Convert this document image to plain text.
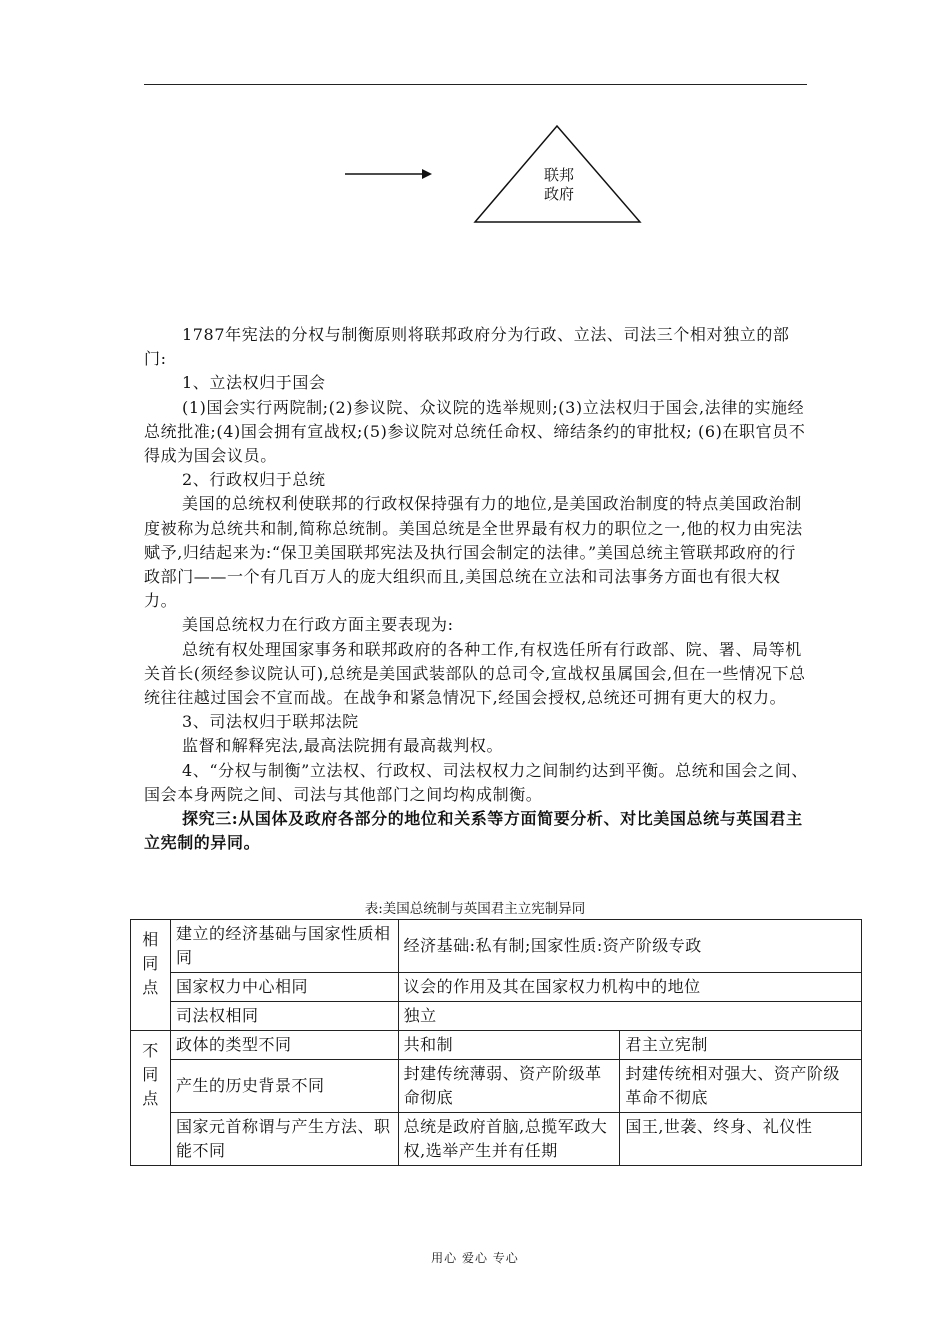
联邦
政府

1787年宪法的分权与制衡原则将联邦政府分为行政、立法、司法三个相对独立的部门:

1、立法权归于国会

(1)国会实行两院制;(2)参议院、众议院的选举规则;(3)立法权归于国会,法律的实施经总统批准;(4)国会拥有宣战权;(5)参议院对总统任命权、缔结条约的审批权; (6)在职官员不得成为国会议员。

2、行政权归于总统

美国的总统权利使联邦的行政权保持强有力的地位,是美国政治制度的特点美国政治制度被称为总统共和制,简称总统制。美国总统是全世界最有权力的职位之一,他的权力由宪法赋予,归结起来为:“保卫美国联邦宪法及执行国会制定的法律。”美国总统主管联邦政府的行政部门——一个有几百万人的庞大组织而且,美国总统在立法和司法事务方面也有很大权力。

美国总统权力在行政方面主要表现为:

总统有权处理国家事务和联邦政府的各种工作,有权选任所有行政部、院、署、局等机关首长(须经参议院认可),总统是美国武装部队的总司令,宣战权虽属国会,但在一些情况下总统往往越过国会不宣而战。在战争和紧急情况下,经国会授权,总统还可拥有更大的权力。

3、司法权归于联邦法院

监督和解释宪法,最高法院拥有最高裁判权。

4、“分权与制衡”立法权、行政权、司法权权力之间制约达到平衡。总统和国会之间、国会本身两院之间、司法与其他部门之间均构成制衡。

探究三:从国体及政府各部分的地位和关系等方面简要分析、对比美国总统与英国君主立宪制的异同。

表:美国总统制与英国君主立宪制异同
相
同
点	建立的经济基础与国家性质相同	经济基础:私有制;国家性质:资产阶级专政	
	国家权力中心相同	议会的作用及其在国家权力机构中的地位	
	司法权相同	独立	

不
同
点	政体的类型不同	共和制	君主立宪制
	产生的历史背景不同	封建传统薄弱、资产阶级革命彻底	封建传统相对强大、资产阶级革命不彻底
	国家元首称谓与产生方法、职能不同	总统是政府首脑,总揽军政大权,选举产生并有任期	国王,世袭、终身、礼仪性
用心 爱心 专心
